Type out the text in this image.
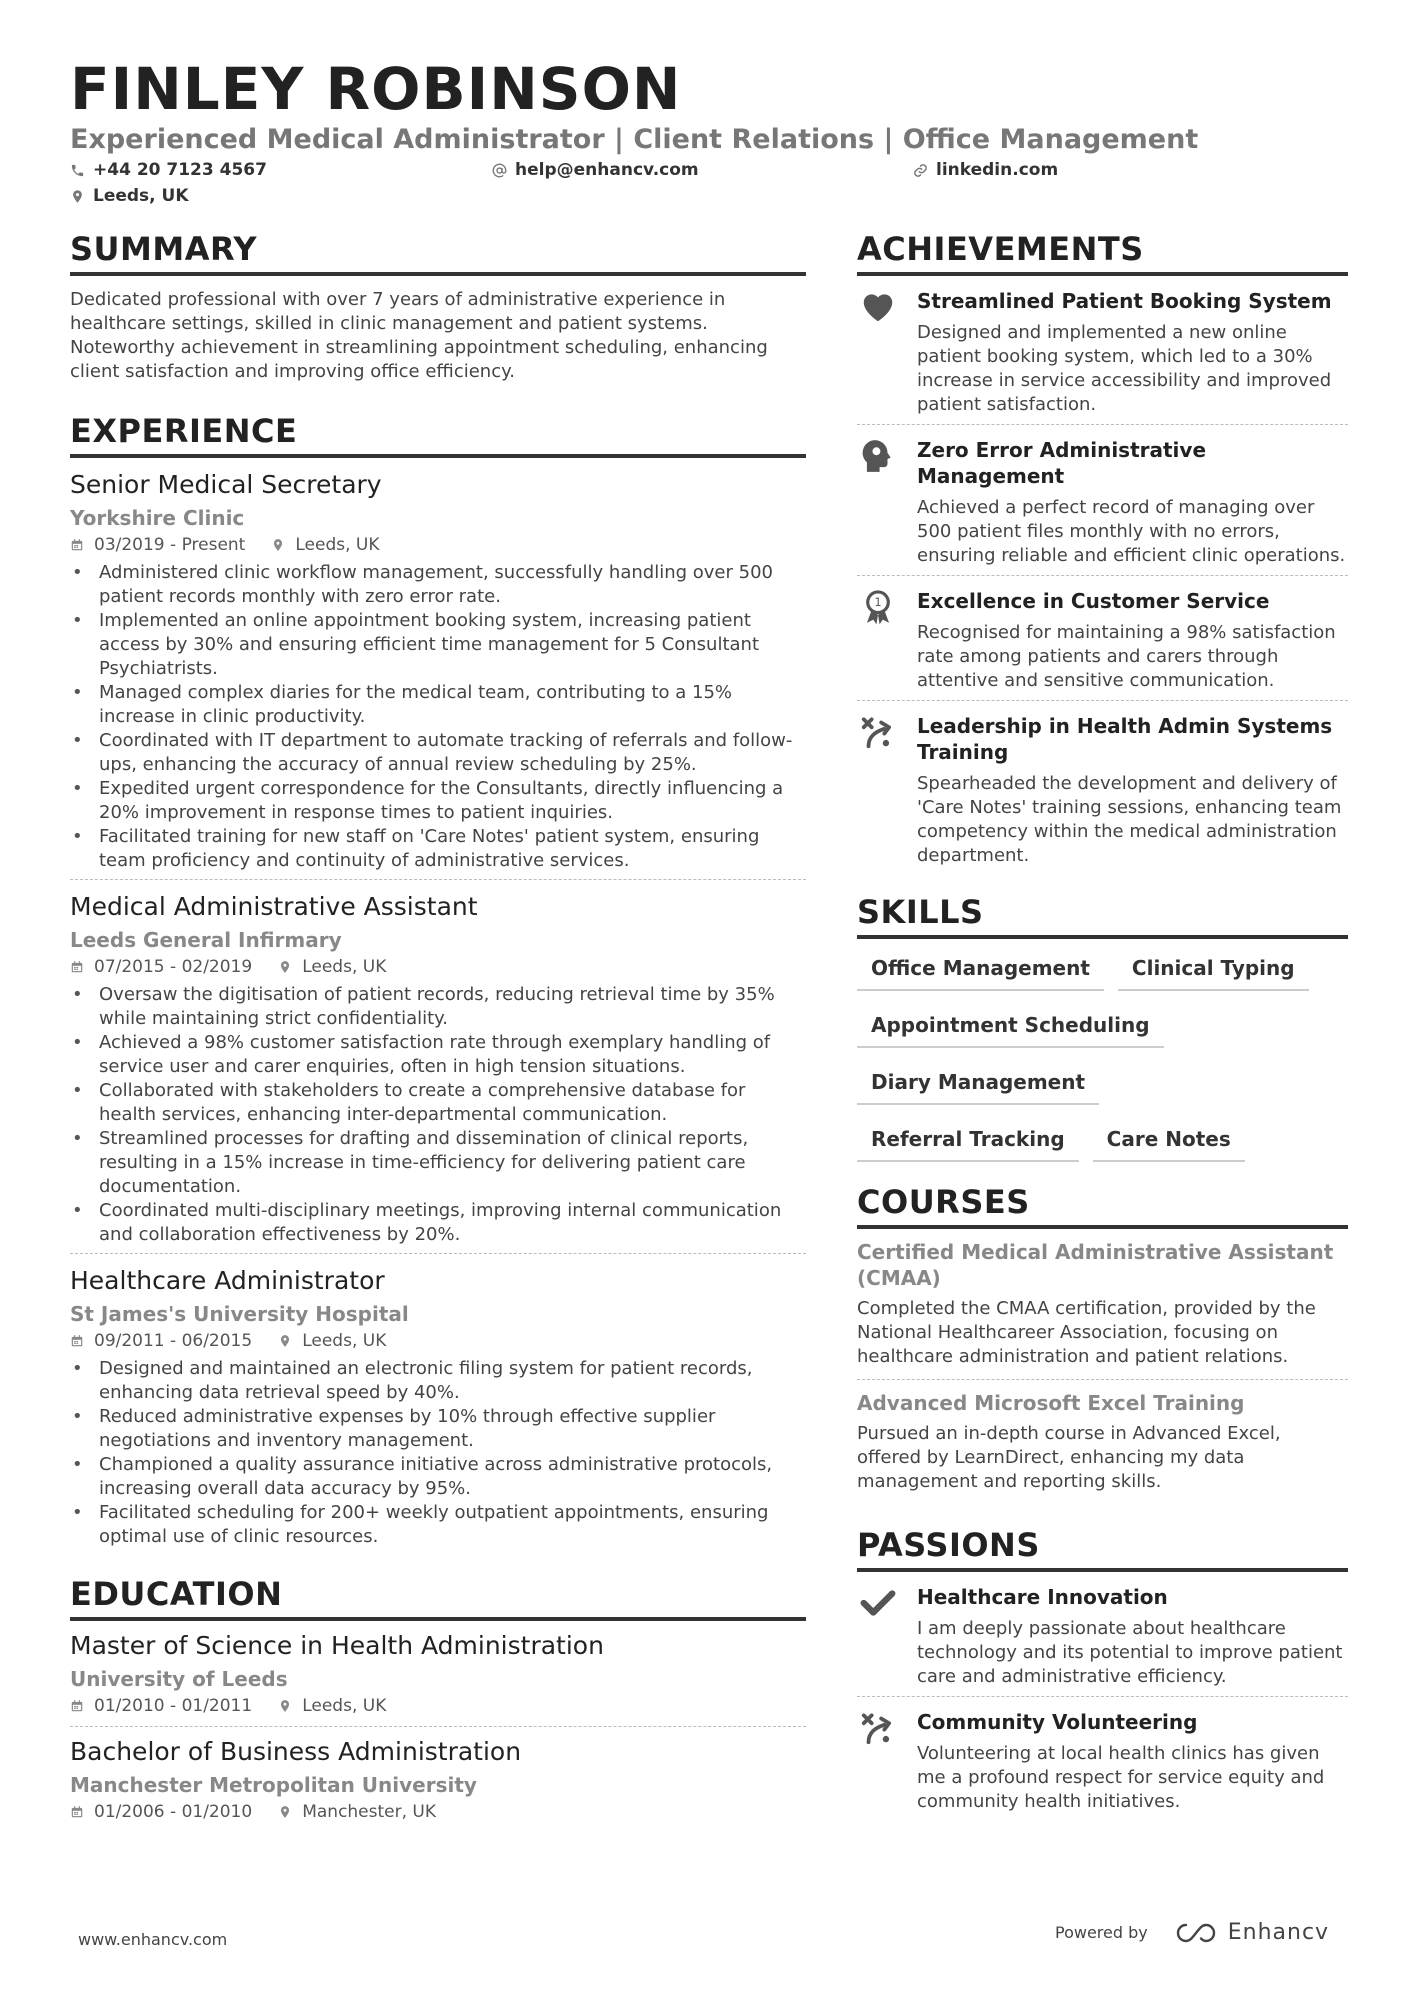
FINLEY ROBINSON
Experienced Medical Administrator | Client Relations | Office Management
+44 20 7123 4567	help@enhancv.com	linkedin.com
Leeds, UK
SUMMARY
Dedicated professional with over 7 years of administrative experience in healthcare settings, skilled in clinic management and patient systems. Noteworthy achievement in streamlining appointment scheduling, enhancing client satisfaction and improving office efficiency.
EXPERIENCE
Senior Medical Secretary
Yorkshire Clinic
03/2019 - Present	Leeds, UK
• Administered clinic workflow management, successfully handling over 500 patient records monthly with zero error rate.
• Implemented an online appointment booking system, increasing patient access by 30% and ensuring efficient time management for 5 Consultant Psychiatrists.
• Managed complex diaries for the medical team, contributing to a 15% increase in clinic productivity.
• Coordinated with IT department to automate tracking of referrals and follow-ups, enhancing the accuracy of annual review scheduling by 25%.
• Expedited urgent correspondence for the Consultants, directly influencing a 20% improvement in response times to patient inquiries.
• Facilitated training for new staff on 'Care Notes' patient system, ensuring team proficiency and continuity of administrative services.
Medical Administrative Assistant
Leeds General Infirmary
07/2015 - 02/2019	Leeds, UK
• Oversaw the digitisation of patient records, reducing retrieval time by 35% while maintaining strict confidentiality.
• Achieved a 98% customer satisfaction rate through exemplary handling of service user and carer enquiries, often in high tension situations.
• Collaborated with stakeholders to create a comprehensive database for health services, enhancing inter-departmental communication.
• Streamlined processes for drafting and dissemination of clinical reports, resulting in a 15% increase in time-efficiency for delivering patient care documentation.
• Coordinated multi-disciplinary meetings, improving internal communication and collaboration effectiveness by 20%.
Healthcare Administrator
St James's University Hospital
09/2011 - 06/2015	Leeds, UK
• Designed and maintained an electronic filing system for patient records, enhancing data retrieval speed by 40%.
• Reduced administrative expenses by 10% through effective supplier negotiations and inventory management.
• Championed a quality assurance initiative across administrative protocols, increasing overall data accuracy by 95%.
• Facilitated scheduling for 200+ weekly outpatient appointments, ensuring optimal use of clinic resources.
EDUCATION
Master of Science in Health Administration
University of Leeds
01/2010 - 01/2011	Leeds, UK
Bachelor of Business Administration
Manchester Metropolitan University
01/2006 - 01/2010	Manchester, UK
ACHIEVEMENTS
Streamlined Patient Booking System
Designed and implemented a new online patient booking system, which led to a 30% increase in service accessibility and improved patient satisfaction.
Zero Error Administrative Management
Achieved a perfect record of managing over 500 patient files monthly with no errors, ensuring reliable and efficient clinic operations.
1 Excellence in Customer Service
Recognised for maintaining a 98% satisfaction rate among patients and carers through attentive and sensitive communication.
Leadership in Health Admin Systems Training
Spearheaded the development and delivery of 'Care Notes' training sessions, enhancing team competency within the medical administration department.
SKILLS
Office Management	Clinical Typing
Appointment Scheduling
Diary Management
Referral Tracking	Care Notes
COURSES
Certified Medical Administrative Assistant (CMAA)
Completed the CMAA certification, provided by the National Healthcareer Association, focusing on healthcare administration and patient relations.
Advanced Microsoft Excel Training
Pursued an in-depth course in Advanced Excel, offered by LearnDirect, enhancing my data management and reporting skills.
PASSIONS
Healthcare Innovation
I am deeply passionate about healthcare technology and its potential to improve patient care and administrative efficiency.
Community Volunteering
Volunteering at local health clinics has given me a profound respect for service equity and community health initiatives.
www.enhancv.com	Powered by	Enhancv
